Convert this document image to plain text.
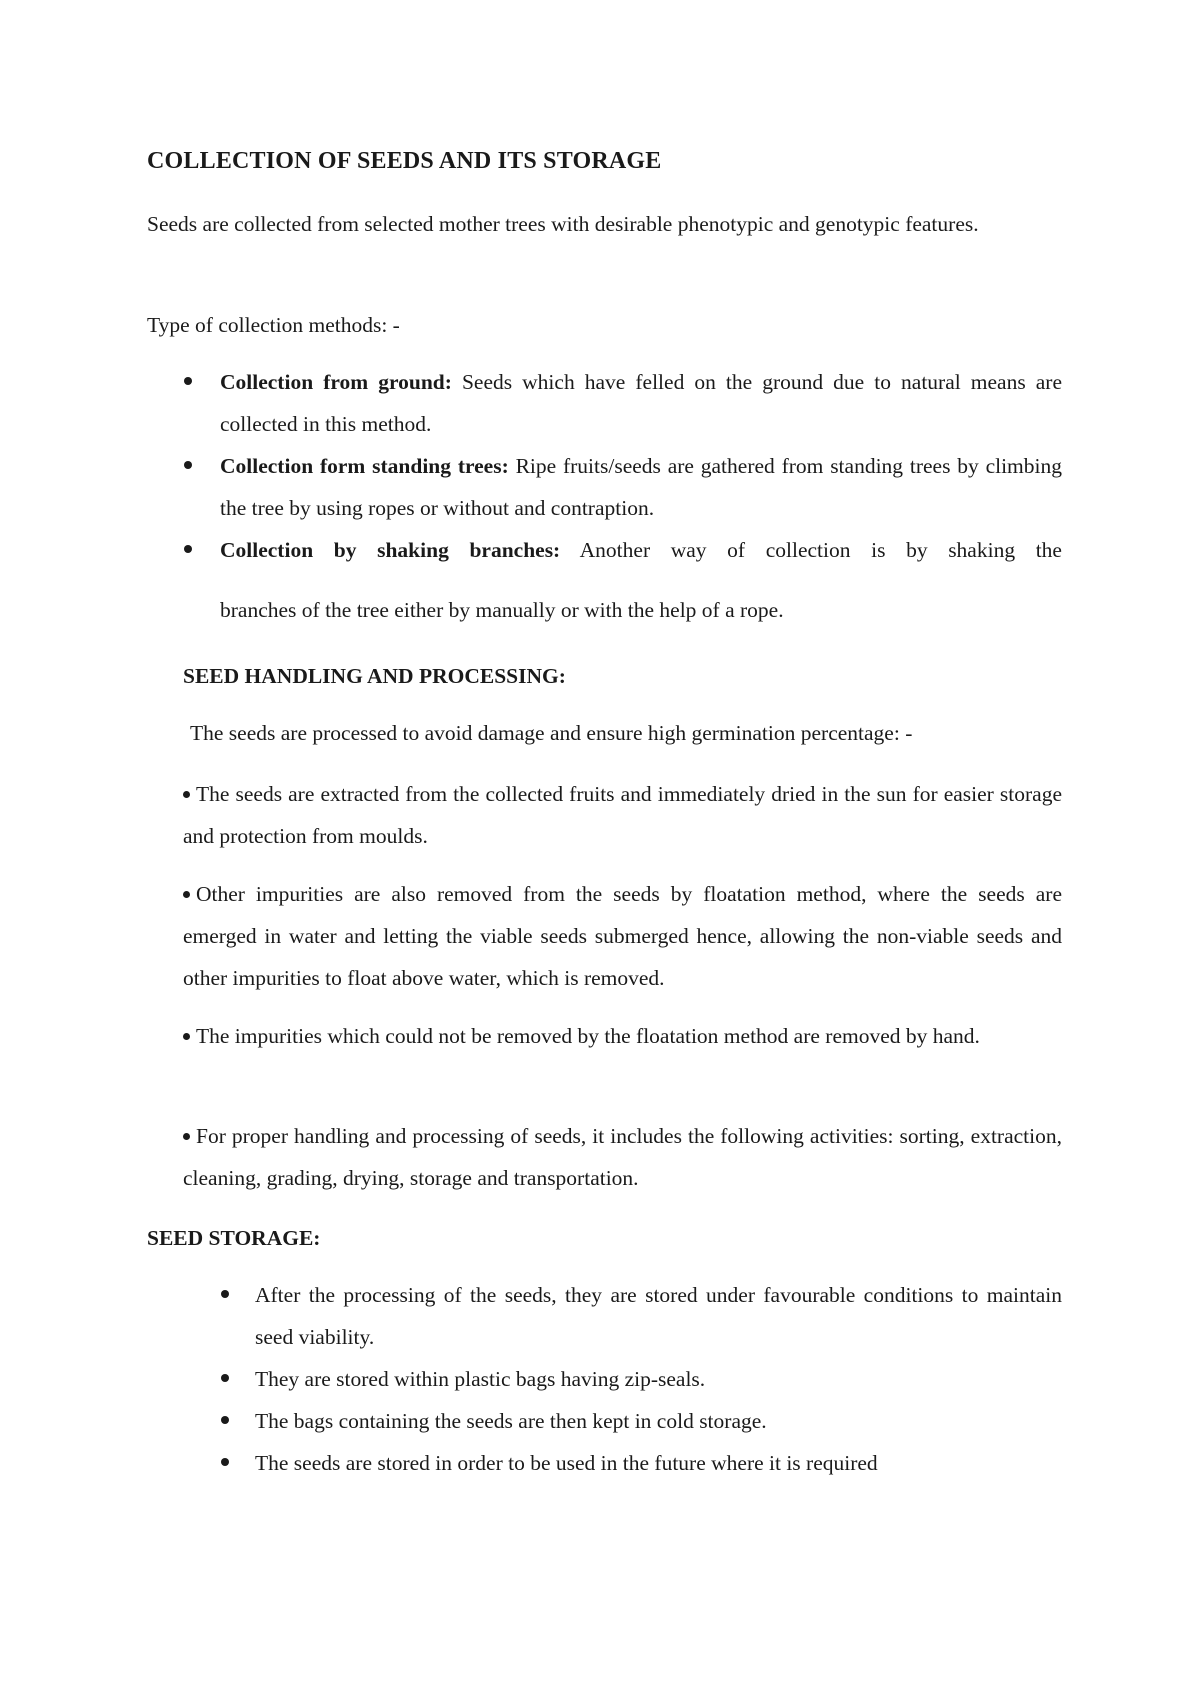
COLLECTION OF SEEDS AND ITS STORAGE

Seeds are collected from selected mother trees with desirable phenotypic and genotypic features.

Type of collection methods: -

Collection from ground: Seeds which have felled on the ground due to natural means are collected in this method.
Collection form standing trees: Ripe fruits/seeds are gathered from standing trees by climbing the tree by using ropes or without and contraption.
Collection by shaking branches: Another way of collection is by shaking the

branches of the tree either by manually or with the help of a rope.

SEED HANDLING AND PROCESSING:

The seeds are processed to avoid damage and ensure high germination percentage: -

The seeds are extracted from the collected fruits and immediately dried in the sun for easier storage and protection from moulds.

Other impurities are also removed from the seeds by floatation method, where the seeds are emerged in water and letting the viable seeds submerged hence, allowing the non-viable seeds and other impurities to float above water, which is removed.

The impurities which could not be removed by the floatation method are removed by hand.

For proper handling and processing of seeds, it includes the following activities: sorting, extraction, cleaning, grading, drying, storage and transportation.

SEED STORAGE:
After the processing of the seeds, they are stored under favourable conditions to maintain seed viability.
They are stored within plastic bags having zip-seals.
The bags containing the seeds are then kept in cold storage.
The seeds are stored in order to be used in the future where it is required
